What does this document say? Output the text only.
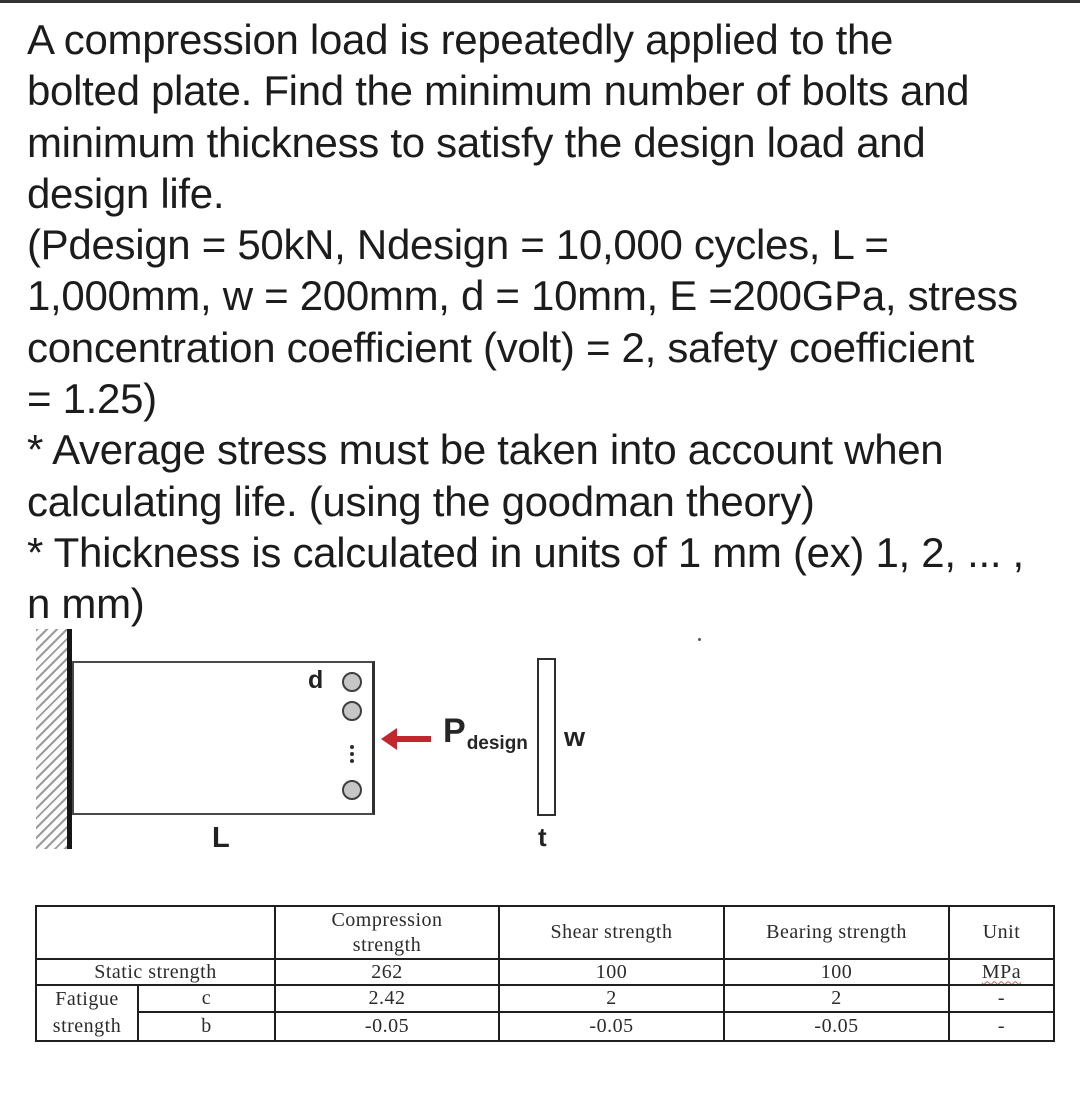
A compression load is repeatedly applied to the
bolted plate. Find the minimum number of bolts and
minimum thickness to satisfy the design load and
design life.
(Pdesign = 50kN, Ndesign = 10,000 cycles, L =
1,000mm, w = 200mm, d = 10mm, E =200GPa, stress
concentration coefficient (volt) = 2, safety coefficient
= 1.25)
* Average stress must be taken into account when
calculating life. (using the goodman theory)
* Thickness is calculated in units of 1 mm (ex) 1, 2, ... ,
n mm)
d
L
Pdesign w
t
		Compression
strength	Shear strength	Bearing strength	Unit
Static strength		262	100	100	MPa
Fatigue
strength	c	2.42	2	2	-
	b	-0.05	-0.05	-0.05	-
